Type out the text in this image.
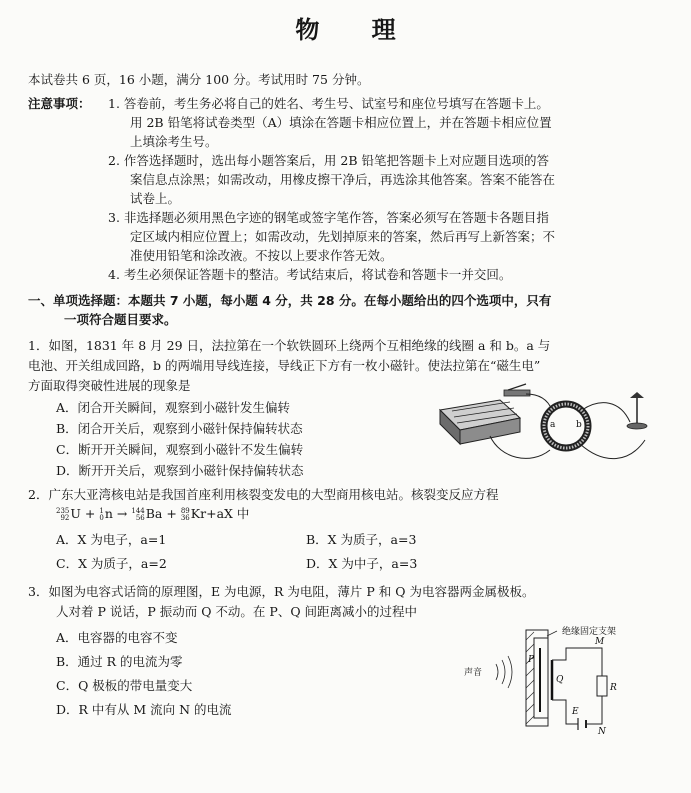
物 理
本试卷共 6 页，16 小题，满分 100 分。考试用时 75 分钟。
注意事项： 1. 答卷前，考生务必将自己的姓名、考生号、试室号和座位号填写在答题卡上。
用 2B 铅笔将试卷类型（A）填涂在答题卡相应位置上，并在答题卡相应位置
上填涂考生号。
2. 作答选择题时，选出每小题答案后，用 2B 铅笔把答题卡上对应题目选项的答
案信息点涂黑；如需改动，用橡皮擦干净后，再选涂其他答案。答案不能答在
试卷上。
3. 非选择题必须用黑色字迹的钢笔或签字笔作答，答案必须写在答题卡各题目指
定区域内相应位置上；如需改动，先划掉原来的答案，然后再写上新答案；不
准使用铅笔和涂改液。不按以上要求作答无效。
4. 考生必须保证答题卡的整洁。考试结束后，将试卷和答题卡一并交回。
一、单项选择题：本题共 7 小题，每小题 4 分，共 28 分。在每小题给出的四个选项中，只有
一项符合题目要求。
1．如图，1831 年 8 月 29 日，法拉第在一个软铁圆环上绕两个互相绝缘的线圈 a 和 b。a 与
电池、开关组成回路，b 的两端用导线连接，导线正下方有一枚小磁针。使法拉第在“磁生电”
方面取得突破性进展的现象是
A．闭合开关瞬间，观察到小磁针发生偏转
B．闭合开关后，观察到小磁针保持偏转状态
C．断开开关瞬间，观察到小磁针不发生偏转
D．断开开关后，观察到小磁针保持偏转状态
a b
2．广东大亚湾核电站是我国首座利用核裂变发电的大型商用核电站。核裂变反应方程
235
92 U + 1
0 n → 144
56 Ba + 89
36 Kr+aX 中
A．X 为电子，a=1	B．X 为质子，a=3
C．X 为质子，a=2	D．X 为中子，a=3
3．如图为电容式话筒的原理图，E 为电源，R 为电阻，薄片 P 和 Q 为电容器两金属极板。
人对着 P 说话，P 振动而 Q 不动。在 P、Q 间距离减小的过程中
A．电容器的电容不变
B．通过 R 的电流为零
C．Q 极板的带电量变大
D．R 中有从 M 流向 N 的电流
绝缘固定支架
P
Q
声音
R
M
N
E
